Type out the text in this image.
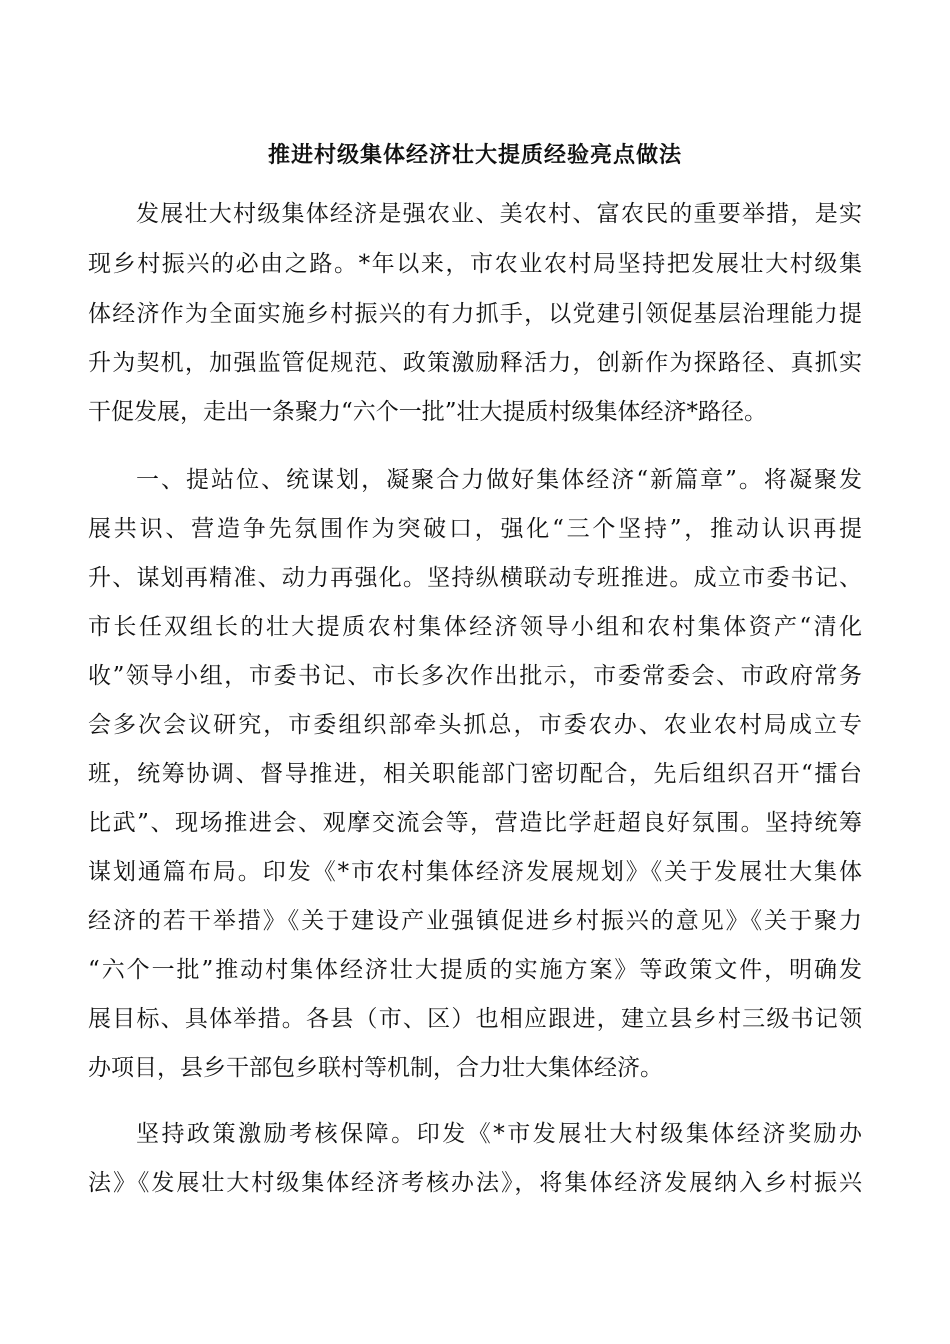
推进村级集体经济壮大提质经验亮点做法
发展壮大村级集体经济是强农业、美农村、富农民的重要举措，是实
现乡村振兴的必由之路。*年以来，市农业农村局坚持把发展壮大村级集
体经济作为全面实施乡村振兴的有力抓手，以党建引领促基层治理能力提
升为契机，加强监管促规范、政策激励释活力，创新作为探路径、真抓实
干促发展，走出一条聚力“六个一批”壮大提质村级集体经济*路径。
一、提站位、统谋划，凝聚合力做好集体经济“新篇章”。将凝聚发
展共识、营造争先氛围作为突破口，强化“三个坚持”，推动认识再提
升、谋划再精准、动力再强化。坚持纵横联动专班推进。成立市委书记、
市长任双组长的壮大提质农村集体经济领导小组和农村集体资产“清化
收”领导小组，市委书记、市长多次作出批示，市委常委会、市政府常务
会多次会议研究，市委组织部牵头抓总，市委农办、农业农村局成立专
班，统筹协调、督导推进，相关职能部门密切配合，先后组织召开“擂台
比武”、现场推进会、观摩交流会等，营造比学赶超良好氛围。坚持统筹
谋划通篇布局。印发《*市农村集体经济发展规划》《关于发展壮大集体
经济的若干举措》《关于建设产业强镇促进乡村振兴的意见》《关于聚力
“六个一批”推动村集体经济壮大提质的实施方案》等政策文件，明确发
展目标、具体举措。各县（市、区）也相应跟进，建立县乡村三级书记领
办项目，县乡干部包乡联村等机制，合力壮大集体经济。
坚持政策激励考核保障。印发《*市发展壮大村级集体经济奖励办
法》《发展壮大村级集体经济考核办法》，将集体经济发展纳入乡村振兴
